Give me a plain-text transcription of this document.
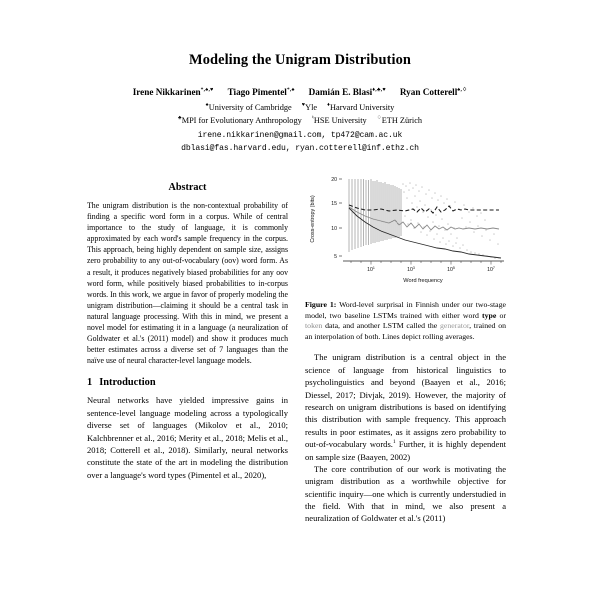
Modeling the Unigram Distribution
Irene Nikkarinen*,♠,♥ Tiago Pimentel*,♠ Damián E. Blasi♦,♣,♥ Ryan Cotterell♠,♢
♠University of Cambridge ♥Yle ♦Harvard University
♣MPI for Evolutionary Anthropology ♮HSE University ♢ETH Zürich
irene.nikkarinen@gmail.com, tp472@cam.ac.uk
dblasi@fas.harvard.edu, ryan.cotterell@inf.ethz.ch
Abstract

The unigram distribution is the non-contextual probability of finding a specific word form in a corpus. While of central importance to the study of language, it is commonly approximated by each word's sample frequency in the corpus. This approach, being highly dependent on sample size, assigns zero probability to any out-of-vocabulary (oov) word form. As a result, it produces negatively biased probabilities for any oov word form, while positively biased probabilities to in-corpus words. In this work, we argue in favor of properly modeling the unigram distribution—claiming it should be a central task in natural language processing. With this in mind, we present a novel model for estimating it in a language (a neuralization of Goldwater et al.'s (2011) model) and show it produces much better estimates across a diverse set of 7 languages than the naïve use of neural character-level language models.

1 Introduction

Neural networks have yielded impressive gains in sentence-level language modeling across a typologically diverse set of languages (Mikolov et al., 2010; Kalchbrenner et al., 2016; Merity et al., 2018; Melis et al., 2018; Cotterell et al., 2018). Similarly, neural networks constitute the state of the art in modeling the distribution over a language's word types (Pimentel et al., 2020),

Cross-entropy (bits)
20
15
10
5
$10^1$	$10^3$	$10^5$	$10^7$
Word frequency

Figure 1: Word-level surprisal in Finnish under our two-stage model, two baseline LSTMs trained with either word type or token data, and another LSTM called the generator, trained on an interpolation of both. Lines depict rolling averages.

The unigram distribution is a central object in the science of language from historical linguistics to psycholinguistics and beyond (Baayen et al., 2016; Diessel, 2017; Divjak, 2019). However, the majority of research on unigram distributions is based on identifying this distribution with sample frequency. This approach results in poor estimates, as it assigns zero probability to out-of-vocabulary words.$^1$ Further, it is highly dependent on sample size (Baayen, 2002)

The core contribution of our work is motivating the unigram distribution as a worthwhile objective for scientific inquiry—one which is currently understudied in the field. With that in mind, we also present a neuralization of Goldwater et al.'s (2011)
